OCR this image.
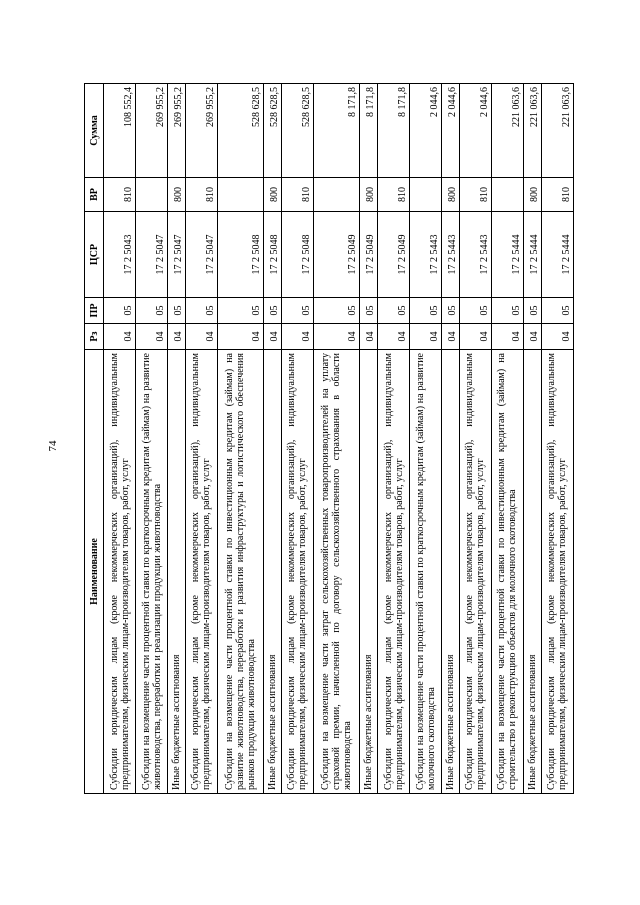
74
Наименование	Рз	ПР	ЦСР	ВР	Сумма
Субсидии юридическим лицам (кроме некоммерческих организаций), индивидуальным предпринимателям, физическим лицам-производителям товаров, работ, услуг	04	05	17 2 5043	810	108 552,4
Субсидии на возмещение части процентной ставки по краткосрочным кредитам (займам) на развитие животноводства, переработки и реализации продукции животноводства	04	05	17 2 5047		269 955,2
Иные бюджетные ассигнования	04	05	17 2 5047	800	269 955,2
Субсидии юридическим лицам (кроме некоммерческих организаций), индивидуальным предпринимателям, физическим лицам-производителям товаров, работ, услуг	04	05	17 2 5047	810	269 955,2
Субсидии на возмещение части процентной ставки по инвестиционным кредитам (займам) на развитие животноводства, переработки и развития инфраструктуры и логистического обеспечения рынков продукции животноводства	04	05	17 2 5048		528 628,5
Иные бюджетные ассигнования	04	05	17 2 5048	800	528 628,5
Субсидии юридическим лицам (кроме некоммерческих организаций), индивидуальным предпринимателям, физическим лицам-производителям товаров, работ, услуг	04	05	17 2 5048	810	528 628,5
Субсидии на возмещение части затрат сельскохозяйственных товаропроизводителей на уплату страховой премии, начисленной по договору сельскохозяйственного страхования в области животноводства	04	05	17 2 5049		8 171,8
Иные бюджетные ассигнования	04	05	17 2 5049	800	8 171,8
Субсидии юридическим лицам (кроме некоммерческих организаций), индивидуальным предпринимателям, физическим лицам-производителям товаров, работ, услуг	04	05	17 2 5049	810	8 171,8
Субсидии на возмещение части процентной ставки по краткосрочным кредитам (займам) на развитие молочного скотоводства	04	05	17 2 5443		2 044,6
Иные бюджетные ассигнования	04	05	17 2 5443	800	2 044,6
Субсидии юридическим лицам (кроме некоммерческих организаций), индивидуальным предпринимателям, физическим лицам-производителям товаров, работ, услуг	04	05	17 2 5443	810	2 044,6
Субсидии на возмещение части процентной ставки по инвестиционным кредитам (займам) на строительство и реконструкцию объектов для молочного скотоводства	04	05	17 2 5444		221 063,6
Иные бюджетные ассигнования	04	05	17 2 5444	800	221 063,6
Субсидии юридическим лицам (кроме некоммерческих организаций), индивидуальным предпринимателям, физическим лицам-производителям товаров, работ, услуг	04	05	17 2 5444	810	221 063,6
